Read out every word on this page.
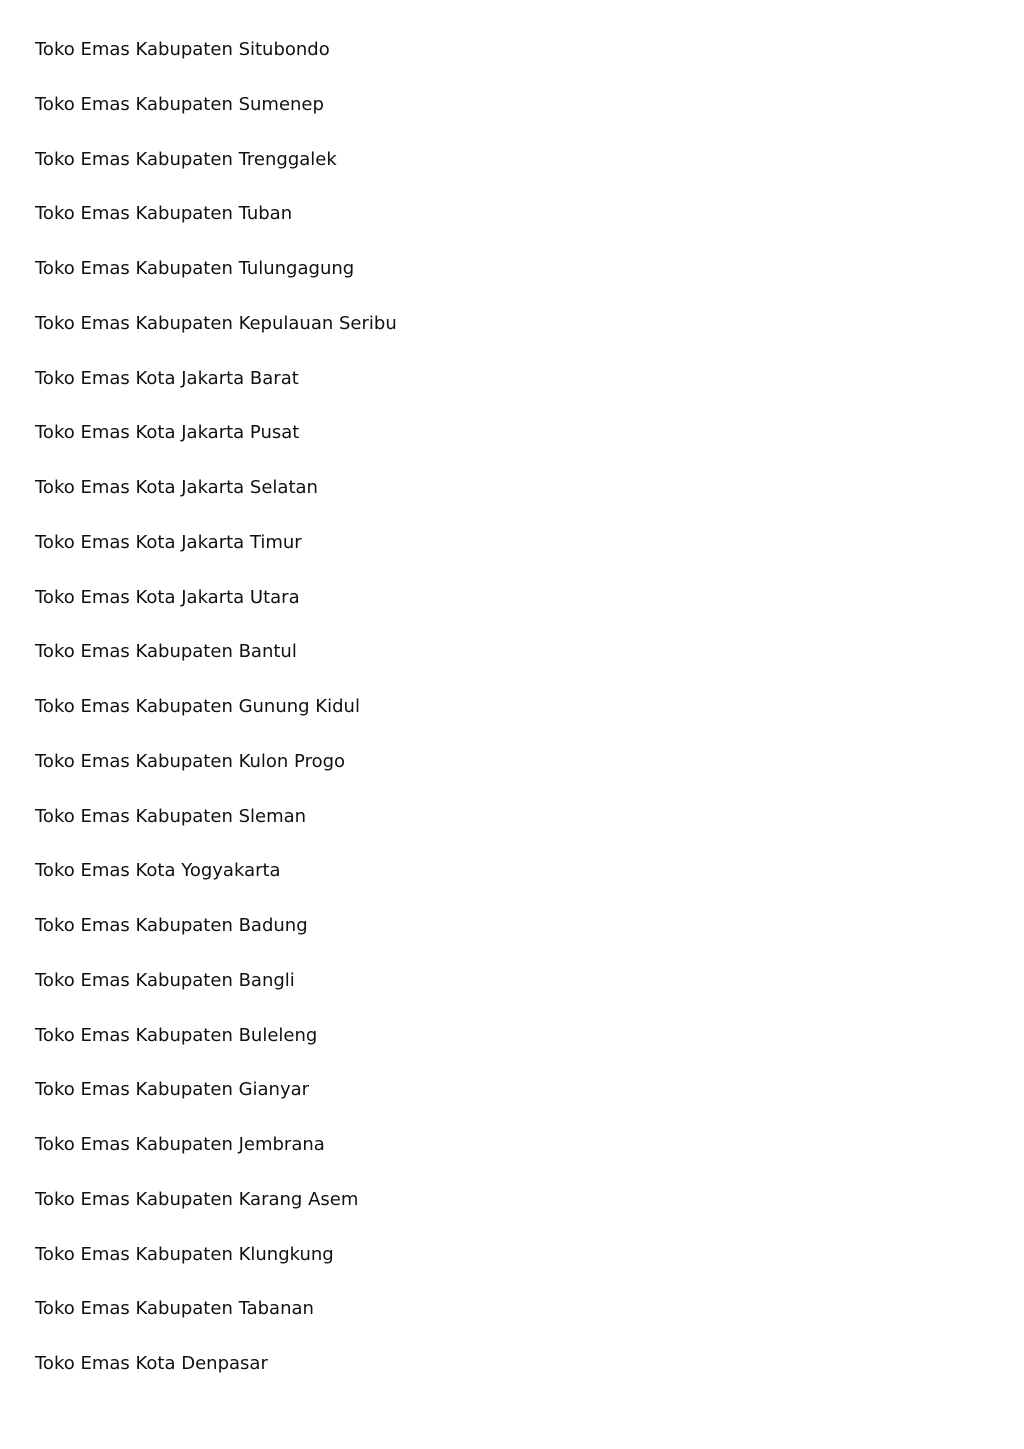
Toko Emas Kabupaten Situbondo
Toko Emas Kabupaten Sumenep
Toko Emas Kabupaten Trenggalek
Toko Emas Kabupaten Tuban
Toko Emas Kabupaten Tulungagung
Toko Emas Kabupaten Kepulauan Seribu
Toko Emas Kota Jakarta Barat
Toko Emas Kota Jakarta Pusat
Toko Emas Kota Jakarta Selatan
Toko Emas Kota Jakarta Timur
Toko Emas Kota Jakarta Utara
Toko Emas Kabupaten Bantul
Toko Emas Kabupaten Gunung Kidul
Toko Emas Kabupaten Kulon Progo
Toko Emas Kabupaten Sleman
Toko Emas Kota Yogyakarta
Toko Emas Kabupaten Badung
Toko Emas Kabupaten Bangli
Toko Emas Kabupaten Buleleng
Toko Emas Kabupaten Gianyar
Toko Emas Kabupaten Jembrana
Toko Emas Kabupaten Karang Asem
Toko Emas Kabupaten Klungkung
Toko Emas Kabupaten Tabanan
Toko Emas Kota Denpasar
